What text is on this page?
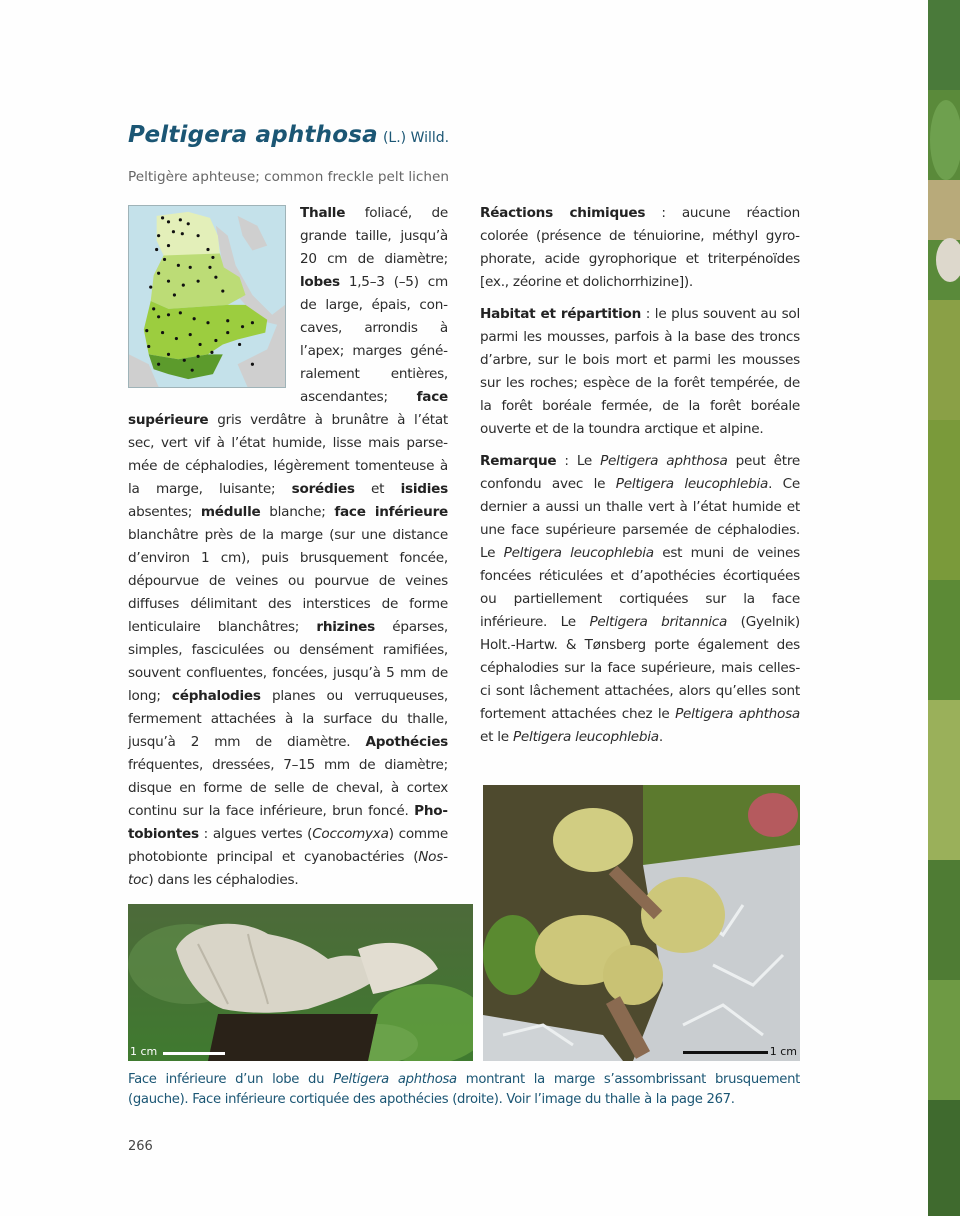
Peltigera aphthosa (L.) Willd.
Peltigère aphteuse; common freckle pelt lichen

Thalle foliacé, de grande taille, jusqu’à 20 cm de diamètre; lobes 1,5–3 (–5) cm de large, épais, concaves, arrondis à l’apex; marges généralement entières, ascendantes; face supérieure gris verdâtre à brunâtre à l’état sec, vert vif à l’état humide, lisse mais parsemée de céphalodies, légèrement tomenteuse à la marge, luisante; sorédies et isidies absentes; médulle blanche; face inférieure blanchâtre près de la marge (sur une distance d’environ 1 cm), puis brusquement foncée, dépourvue de veines ou pourvue de veines diffuses délimitant des interstices de forme lenticulaire blanchâtres; rhizines éparses, simples, fasciculées ou densément ramifiées, souvent confluentes, foncées, jusqu’à 5 mm de long; céphalodies planes ou verruqueuses, fermement attachées à la surface du thalle, jusqu’à 2 mm de diamètre. Apothécies fréquentes, dressées, 7–15 mm de diamètre; disque en forme de selle de cheval, à cortex continu sur la face inférieure, brun foncé. Photobiontes : algues vertes (Coccomyxa) comme photobionte principal et cyanobactéries (Nostoc) dans les céphalodies.

Réactions chimiques : aucune réaction colorée (présence de ténuiorine, méthyl gyrophorate, acide gyrophorique et triterpénoïdes [ex., zéorine et dolichorrhizine]).

Habitat et répartition : le plus souvent au sol parmi les mousses, parfois à la base des troncs d’arbre, sur le bois mort et parmi les mousses sur les roches; espèce de la forêt tempérée, de la forêt boréale fermée, de la forêt boréale ouverte et de la toundra arctique et alpine.

Remarque : Le Peltigera aphthosa peut être confondu avec le Peltigera leucophlebia. Ce dernier a aussi un thalle vert à l’état humide et une face supérieure parsemée de céphalodies. Le Peltigera leucophlebia est muni de veines foncées réticulées et d’apothécies écortiquées ou partiellement cortiquées sur la face inférieure. Le Peltigera britannica (Gyelnik) Holt.-Hartw. & Tønsberg porte également des céphalodies sur la face supérieure, mais celles-ci sont lâchement attachées, alors qu’elles sont fortement attachées chez le Peltigera aphthosa et le Peltigera leucophlebia.

1 cm	1 cm
Face inférieure d’un lobe du Peltigera aphthosa montrant la marge s’assombrissant brusquement (gauche). Face inférieure cortiquée des apothécies (droite). Voir l’image du thalle à la page 267.
266
